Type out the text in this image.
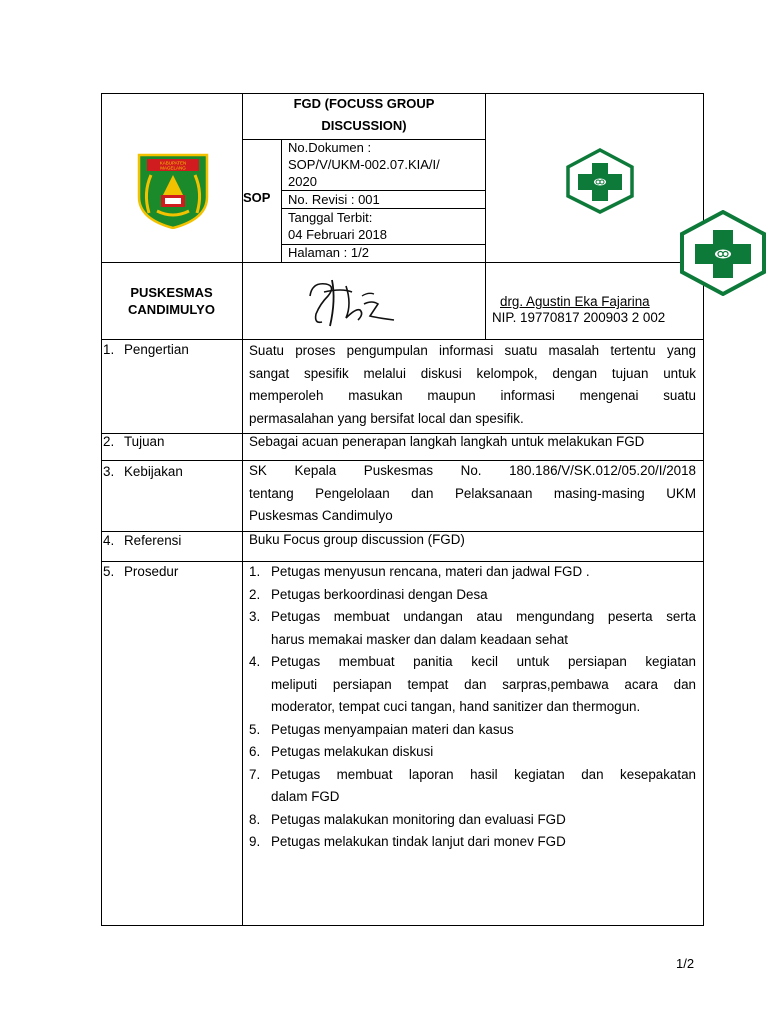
KABUPATEN
MAGELANG
FGD (FOCUSS GROUP
DISCUSSION)
SOP
No.Dokumen :
SOP/V/UKM-002.07.KIA/I/
2020
No. Revisi : 001
Tanggal Terbit:
04 Februari 2018
Halaman : 1/2
PUSKESMAS
CANDIMULYO
drg. Agustin Eka Fajarina
NIP. 19770817 200903 2 002
1. Pengertian	Suatu proses pengumpulan informasi suatu masalah tertentu yang
sangat spesifik melalui diskusi kelompok, dengan tujuan untuk
memperoleh masukan maupun informasi mengenai suatu
permasalahan yang bersifat local dan spesifik.
2. Tujuan	Sebagai acuan penerapan langkah langkah untuk melakukan FGD
3. Kebijakan	SK Kepala Puskesmas No. 180.186/V/SK.012/05.20/I/2018
tentang Pengelolaan dan Pelaksanaan masing-masing UKM
Puskesmas Candimulyo
4. Referensi	Buku Focus group discussion (FGD)
5. Prosedur	1. Petugas menyusun rencana, materi dan jadwal FGD .
2. Petugas berkoordinasi dengan Desa
3. Petugas membuat undangan atau mengundang peserta serta
harus memakai masker dan dalam keadaan sehat
4. Petugas membuat panitia kecil untuk persiapan kegiatan
meliputi persiapan tempat dan sarpras,pembawa acara dan
moderator, tempat cuci tangan, hand sanitizer dan thermogun.
5. Petugas menyampaian materi dan kasus
6. Petugas melakukan diskusi
7. Petugas membuat laporan hasil kegiatan dan kesepakatan
dalam FGD
8. Petugas malakukan monitoring dan evaluasi FGD
9. Petugas melakukan tindak lanjut dari monev FGD
1/2
